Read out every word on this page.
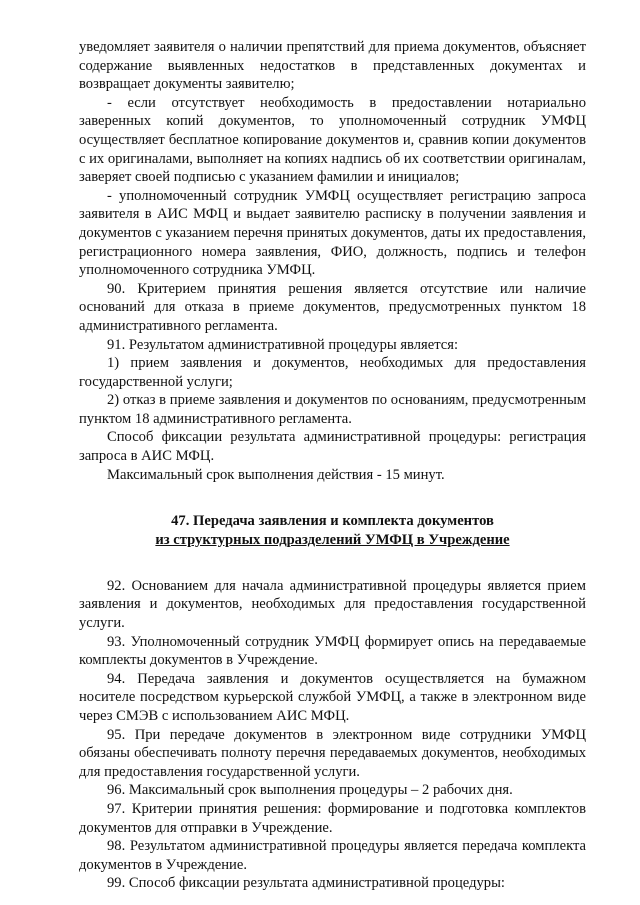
уведомляет заявителя о наличии препятствий для приема документов, объясняет содержание выявленных недостатков в представленных документах и возвращает документы заявителю;

- если отсутствует необходимость в предоставлении нотариально заверенных копий документов, то уполномоченный сотрудник УМФЦ осуществляет бесплатное копирование документов и, сравнив копии документов с их оригиналами, выполняет на копиях надпись об их соответствии оригиналам, заверяет своей подписью с указанием фамилии и инициалов;

- уполномоченный сотрудник УМФЦ осуществляет регистрацию запроса заявителя в АИС МФЦ и выдает заявителю расписку в получении заявления и документов с указанием перечня принятых документов, даты их предоставления, регистрационного номера заявления, ФИО, должность, подпись и телефон уполномоченного сотрудника УМФЦ.

90. Критерием принятия решения является отсутствие или наличие оснований для отказа в приеме документов, предусмотренных пунктом 18 административного регламента.

91. Результатом административной процедуры является:

1) прием заявления и документов, необходимых для предоставления государственной услуги;

2) отказ в приеме заявления и документов по основаниям, предусмотренным пунктом 18 административного регламента.

Способ фиксации результата административной процедуры: регистрация запроса в АИС МФЦ.

Максимальный срок выполнения действия - 15 минут.

47. Передача заявления и комплекта документов
из структурных подразделений УМФЦ в Учреждение

92. Основанием для начала административной процедуры является прием заявления и документов, необходимых для предоставления государственной услуги.

93. Уполномоченный сотрудник УМФЦ формирует опись на передаваемые комплекты документов в Учреждение.

94. Передача заявления и документов осуществляется на бумажном носителе посредством курьерской службой УМФЦ, а также в электронном виде через СМЭВ с использованием АИС МФЦ.

95. При передаче документов в электронном виде сотрудники УМФЦ обязаны обеспечивать полноту перечня передаваемых документов, необходимых для предоставления государственной услуги.

96. Максимальный срок выполнения процедуры – 2 рабочих дня.

97. Критерии принятия решения: формирование и подготовка комплектов документов для отправки в Учреждение.

98. Результатом административной процедуры является передача комплекта документов в Учреждение.

99. Способ фиксации результата административной процедуры:
